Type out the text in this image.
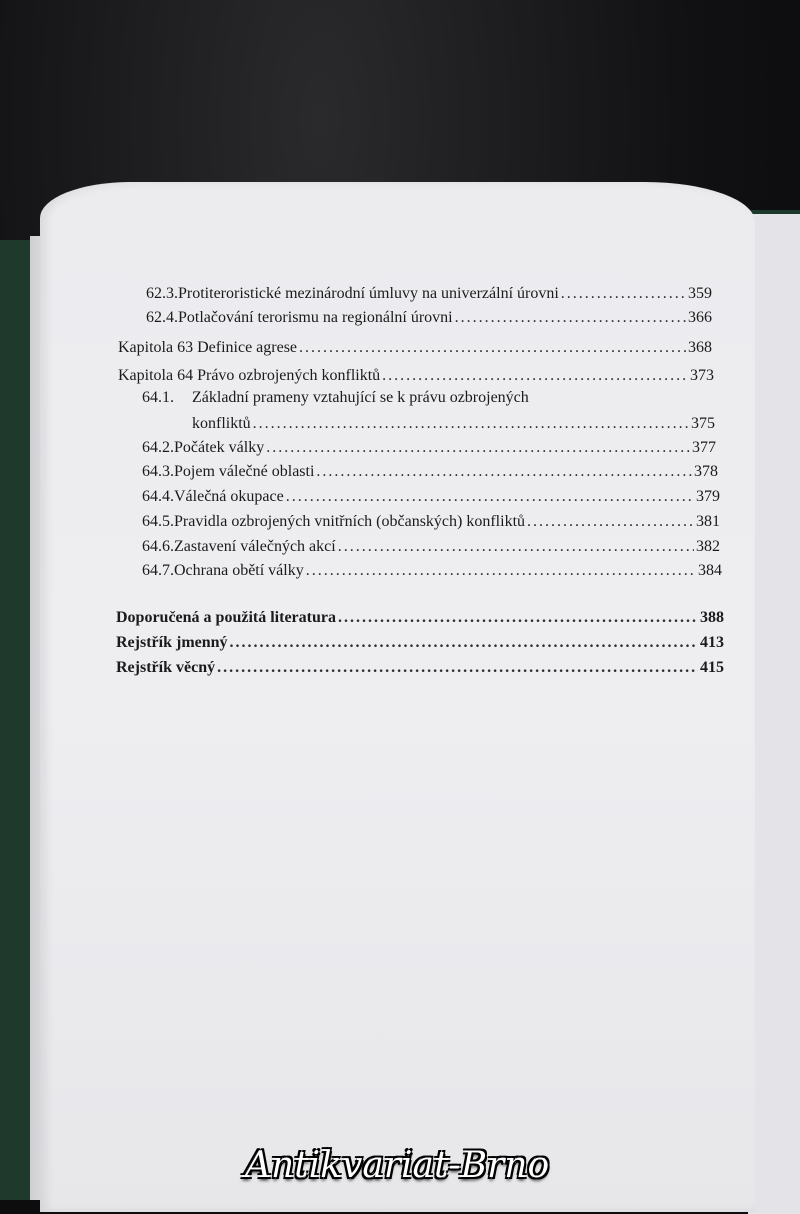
62.3. Protiteroristické mezinárodní úmluvy na univerzální úrovni .....	359
62.4. Potlačování terorismu na regionální úrovni .....	366
Kapitola 63 Definice agrese .....	368
Kapitola 64 Právo ozbrojených konfliktů .....	373
64.1. Základní prameny vztahující se k právu ozbrojených
konfliktů .....	375
64.2. Počátek války .....	377
64.3. Pojem válečné oblasti .....	378
64.4. Válečná okupace .....	379
64.5. Pravidla ozbrojených vnitřních (občanských) konfliktů .....	381
64.6. Zastavení válečných akcí .....	382
64.7. Ochrana obětí války .....	384
Doporučená a použitá literatura .....	388
Rejstřík jmenný .....	413
Rejstřík věcný .....	415
Antikvariat-Brno
